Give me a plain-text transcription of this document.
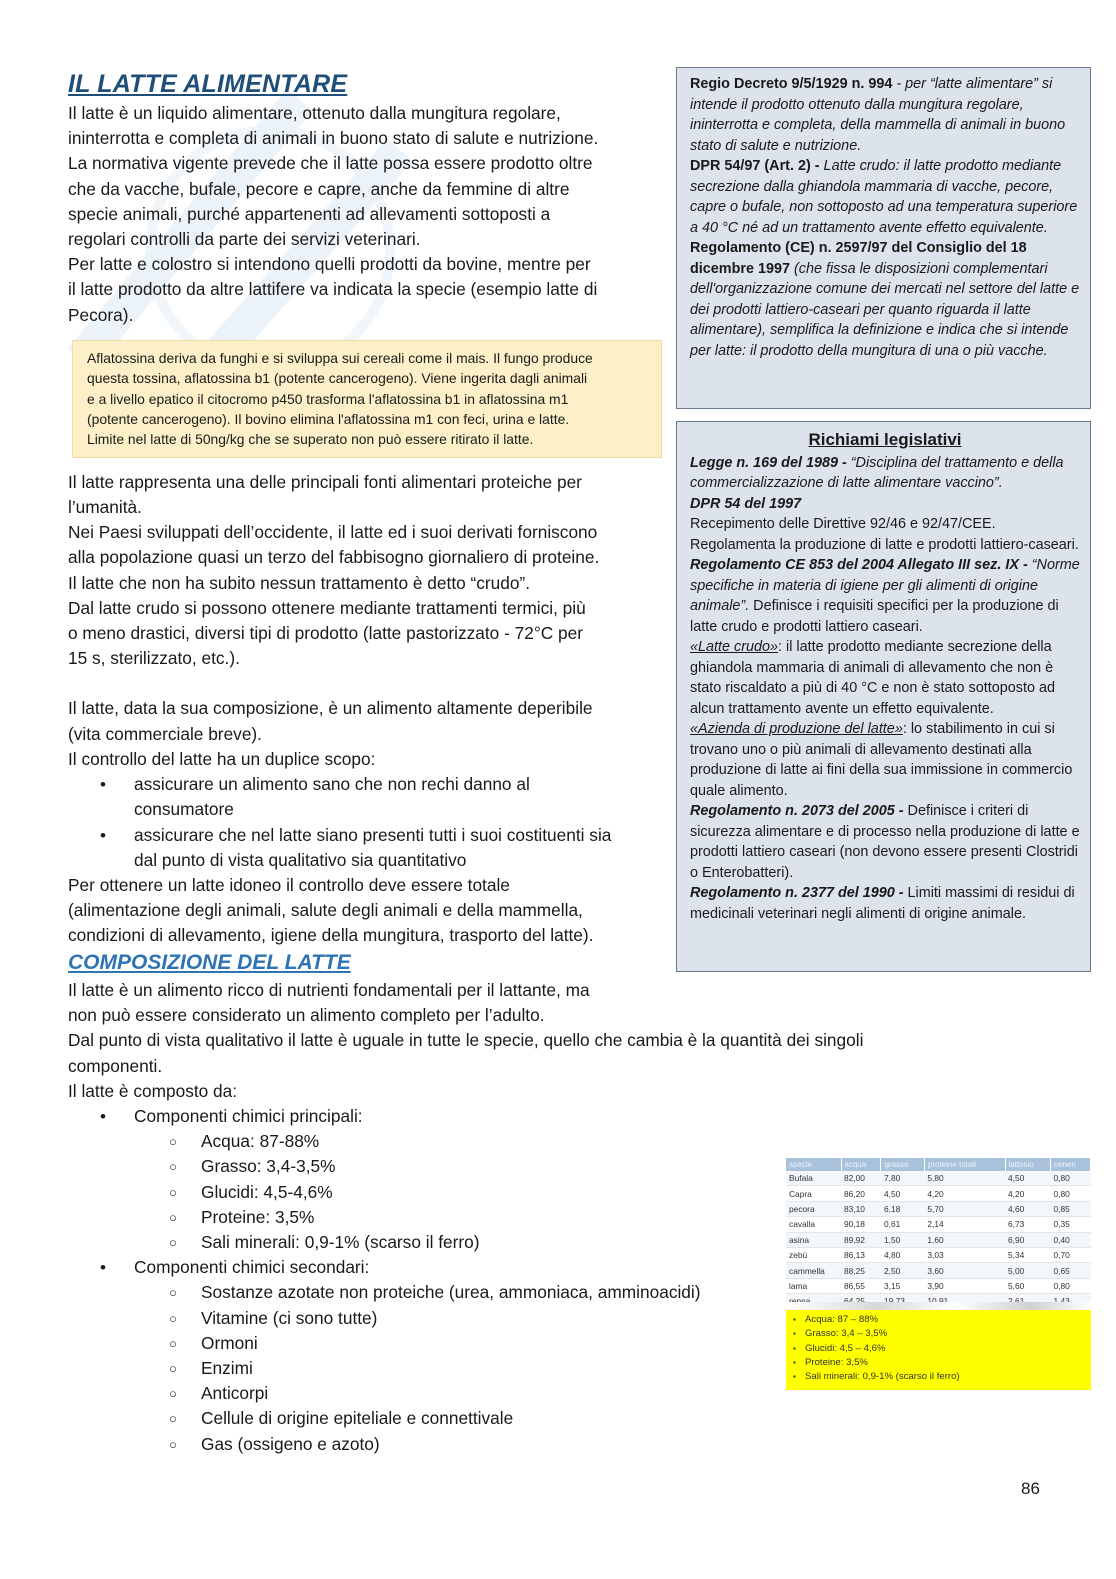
IL LATTE ALIMENTARE
Il latte è un liquido alimentare, ottenuto dalla mungitura regolare,
ininterrotta e completa di animali in buono stato di salute e nutrizione.
La normativa vigente prevede che il latte possa essere prodotto oltre
che da vacche, bufale, pecore e capre, anche da femmine di altre
specie animali, purché appartenenti ad allevamenti sottoposti a
regolari controlli da parte dei servizi veterinari.
Per latte e colostro si intendono quelli prodotti da bovine, mentre per
il latte prodotto da altre lattifere va indicata la specie (esempio latte di
Pecora).
Aflatossina deriva da funghi e si sviluppa sui cereali come il mais. Il fungo produce
questa tossina, aflatossina b1 (potente cancerogeno). Viene ingerita dagli animali
e a livello epatico il citocromo p450 trasforma l'aflatossina b1 in aflatossina m1
(potente cancerogeno). Il bovino elimina l'aflatossina m1 con feci, urina e latte.
Limite nel latte di 50ng/kg che se superato non può essere ritirato il latte.
Il latte rappresenta una delle principali fonti alimentari proteiche per
l’umanità.
Nei Paesi sviluppati dell’occidente, il latte ed i suoi derivati forniscono
alla popolazione quasi un terzo del fabbisogno giornaliero di proteine.
Il latte che non ha subito nessun trattamento è detto “crudo”.
Dal latte crudo si possono ottenere mediante trattamenti termici, più
o meno drastici, diversi tipi di prodotto (latte pastorizzato - 72°C per
15 s, sterilizzato, etc.).
Il latte, data la sua composizione, è un alimento altamente deperibile
(vita commerciale breve).
Il controllo del latte ha un duplice scopo:
• assicurare un alimento sano che non rechi danno al
consumatore
• assicurare che nel latte siano presenti tutti i suoi costituenti sia
dal punto di vista qualitativo sia quantitativo
Per ottenere un latte idoneo il controllo deve essere totale
(alimentazione degli animali, salute degli animali e della mammella,
condizioni di allevamento, igiene della mungitura, trasporto del latte).
COMPOSIZIONE DEL LATTE
Il latte è un alimento ricco di nutrienti fondamentali per il lattante, ma
non può essere considerato un alimento completo per l’adulto.
Dal punto di vista qualitativo il latte è uguale in tutte le specie, quello che cambia è la quantità dei singoli
componenti.
Il latte è composto da:
• Componenti chimici principali:
○ Acqua: 87-88%
○ Grasso: 3,4-3,5%
○ Glucidi: 4,5-4,6%
○ Proteine: 3,5%
○ Sali minerali: 0,9-1% (scarso il ferro)
• Componenti chimici secondari:
○ Sostanze azotate non proteiche (urea, ammoniaca, amminoacidi)
○ Vitamine (ci sono tutte)
○ Ormoni
○ Enzimi
○ Anticorpi
○ Cellule di origine epiteliale e connettivale
○ Gas (ossigeno e azoto)

Regio Decreto 9/5/1929 n. 994 - per “latte alimentare” si intende il prodotto ottenuto dalla mungitura regolare, ininterrotta e completa, della mammella di animali in buono stato di salute e nutrizione.

DPR 54/97 (Art. 2) - Latte crudo: il latte prodotto mediante secrezione dalla ghiandola mammaria di vacche, pecore, capre o bufale, non sottoposto ad una temperatura superiore a 40 °C né ad un trattamento avente effetto equivalente.

Regolamento (CE) n. 2597/97 del Consiglio del 18 dicembre 1997 (che fissa le disposizioni complementari dell'organizzazione comune dei mercati nel settore del latte e dei prodotti lattiero-caseari per quanto riguarda il latte alimentare), semplifica la definizione e indica che si intende per latte: il prodotto della mungitura di una o più vacche.

Richiami legislativi

Legge n. 169 del 1989 - “Disciplina del trattamento e della commercializzazione di latte alimentare vaccino”.

DPR 54 del 1997

Recepimento delle Direttive 92/46 e 92/47/CEE. Regolamenta la produzione di latte e prodotti lattiero-caseari.

Regolamento CE 853 del 2004 Allegato III sez. IX - “Norme specifiche in materia di igiene per gli alimenti di origine animale”. Definisce i requisiti specifici per la produzione di latte crudo e prodotti lattiero caseari.

«Latte crudo»: il latte prodotto mediante secrezione della ghiandola mammaria di animali di allevamento che non è stato riscaldato a più di 40 °C e non è stato sottoposto ad alcun trattamento avente un effetto equivalente.

«Azienda di produzione del latte»: lo stabilimento in cui si trovano uno o più animali di allevamento destinati alla produzione di latte ai fini della sua immissione in commercio quale alimento.

Regolamento n. 2073 del 2005 - Definisce i criteri di sicurezza alimentare e di processo nella produzione di latte e prodotti lattiero caseari (non devono essere presenti Clostridi o Enterobatteri).

Regolamento n. 2377 del 1990 - Limiti massimi di residui di medicinali veterinari negli alimenti di origine animale.

specie	acqua	grasso	proteine totali	lattosio	ceneri
Bufala	82,00	7,80	5,80	4,50	0,80
Capra	86,20	4,50	4,20	4,20	0,80
pecora	83,10	6,18	5,70	4,60	0,85
cavalla	90,18	0,61	2,14	6,73	0,35
asina	89,92	1,50	1,60	6,90	0,40
zebù	86,13	4,80	3,03	5,34	0,70
cammella	88,25	2,50	3,60	5,00	0,65
lama	86,55	3,15	3,90	5,60	0,80

▪ Acqua: 87 – 88%
▪ Grasso: 3,4 – 3,5%
▪ Glucidi: 4,5 – 4,6%
▪ Proteine: 3,5%
▪ Sali minerali: 0,9-1% (scarso il ferro)
86
